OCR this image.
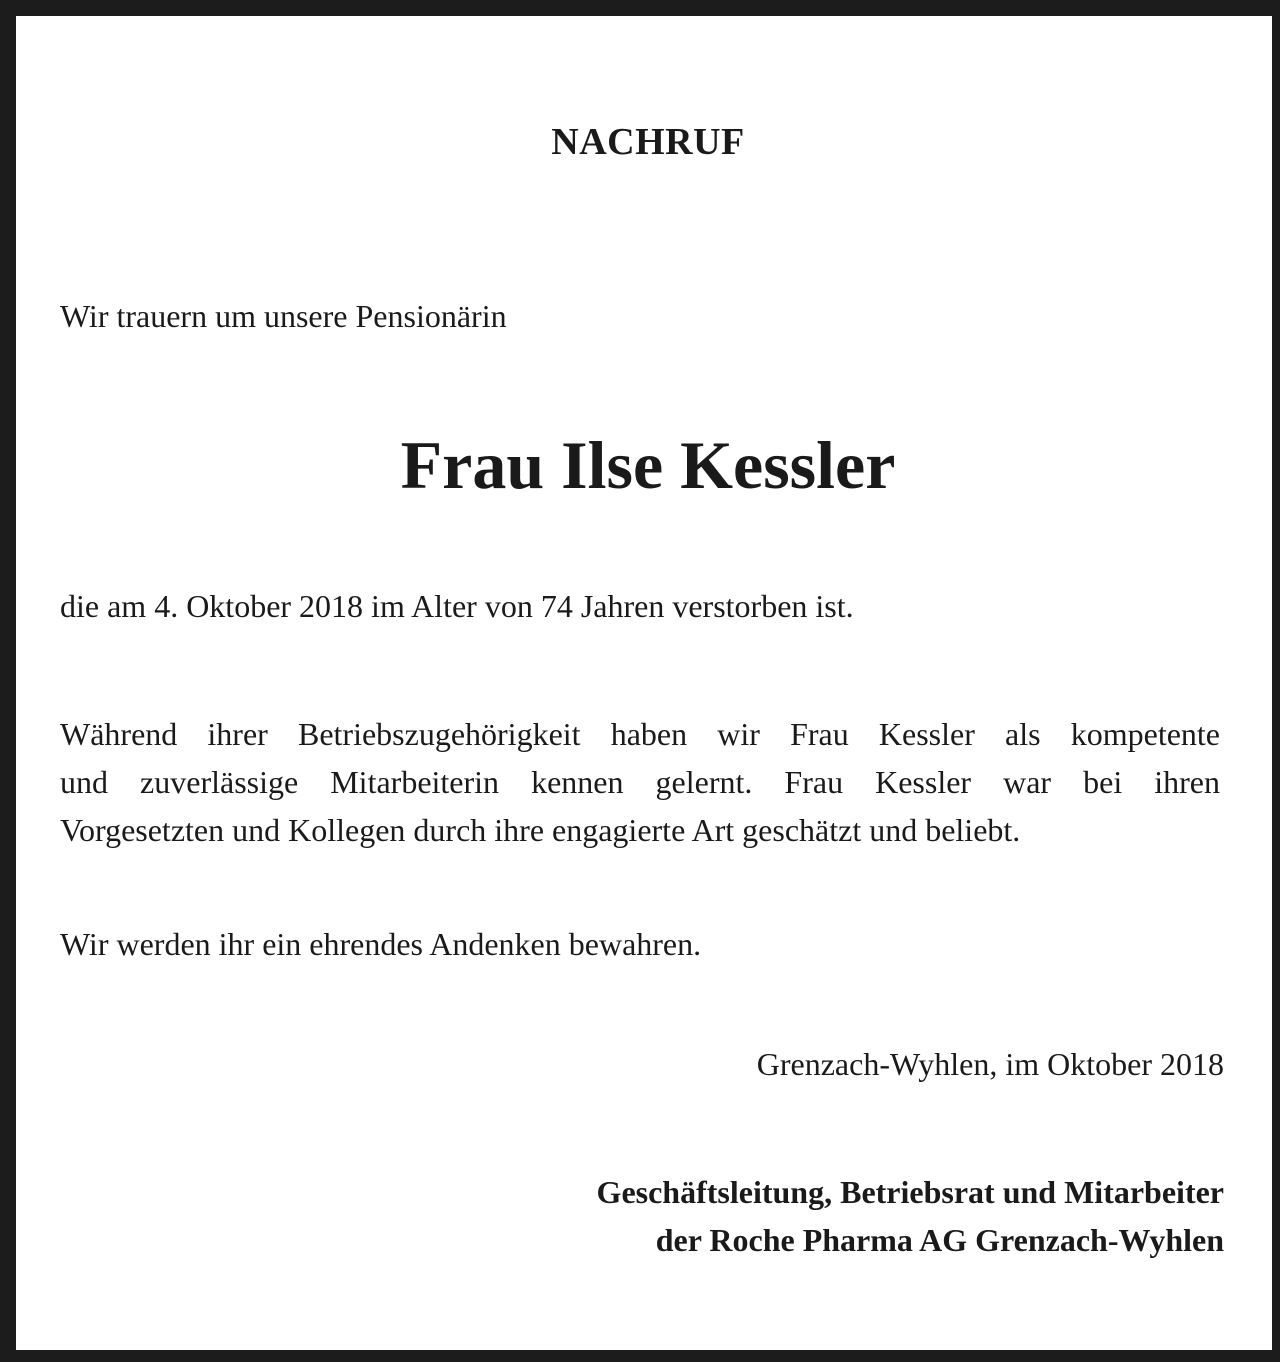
NACHRUF

Wir trauern um unsere Pensionärin

Frau Ilse Kessler

die am 4. Oktober 2018 im Alter von 74 Jahren verstorben ist.

Während ihrer Betriebszugehörigkeit haben wir Frau Kessler als kompetente
und zuverlässige Mitarbeiterin kennen gelernt. Frau Kessler war bei ihren
Vorgesetzten und Kollegen durch ihre engagierte Art geschätzt und beliebt.

Wir werden ihr ein ehrendes Andenken bewahren.

Grenzach-Wyhlen, im Oktober 2018

Geschäftsleitung, Betriebsrat und Mitarbeiter
der Roche Pharma AG Grenzach-Wyhlen
